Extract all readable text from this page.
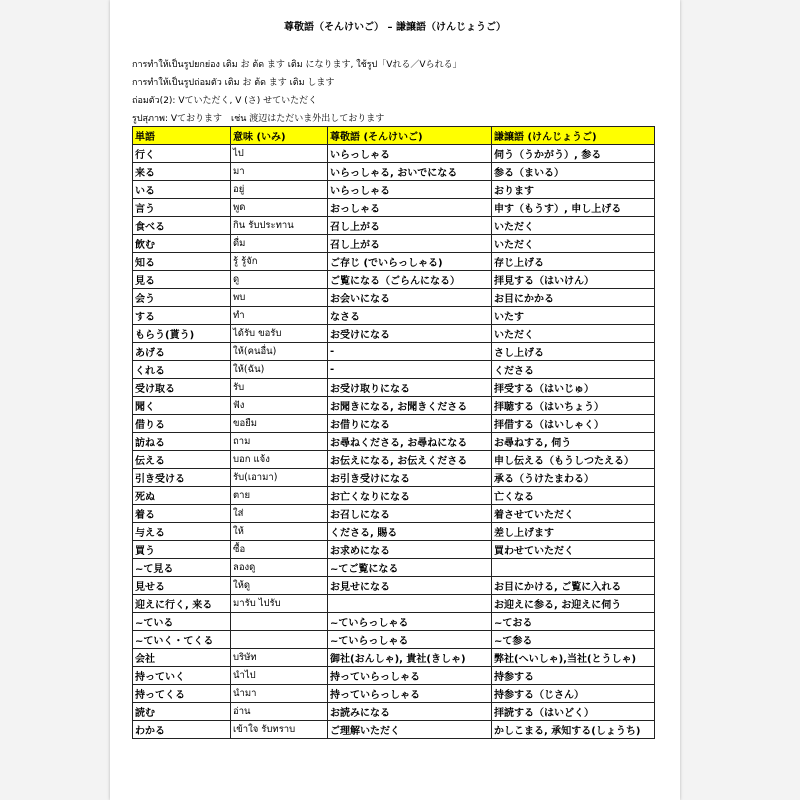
尊敬語（そんけいご） – 謙譲語（けんじょうご）
การทำให้เป็นรูปยกย่อง เติม お ต้ด ます เติม になります, ใช้รูป「Vれる／Vられる」
การทำให้เป็นรูปถ่อมตัว เติม お ต้ด ます เติม します
ถ่อมตัว(2): Vていただく, V (さ) せていただく
รูปสุภาพ: Vております　เช่น 渡辺はただいま外出しております
単語	意味 (いみ)	尊敬語 (そんけいご)	謙譲語 (けんじょうご)
行く	ไป	いらっしゃる	伺う（うかがう）, 参る
来る	มา	いらっしゃる, おいでになる	参る（まいる）
いる	อยู่	いらっしゃる	おります
言う	พูด	おっしゃる	申す（もうす）, 申し上げる
食べる	กิน รับประทาน	召し上がる	いただく
飲む	ดื่ม	召し上がる	いただく
知る	รู้ รู้จัก	ご存じ (でいらっしゃる)	存じ上げる
見る	ดู	ご覧になる（ごらんになる）	拝見する（はいけん）
会う	พบ	お会いになる	お目にかかる
する	ทำ	なさる	いたす
もらう(貰う)	ได้รับ ขอรับ	お受けになる	いただく
あげる	ให้(คนอื่น)	-	さし上げる
くれる	ให้(ฉัน)	-	くださる
受け取る	รับ	お受け取りになる	拝受する（はいじゅ）
聞く	ฟัง	お聞きになる, お聞きくださる	拝聴する（はいちょう）
借りる	ขอยืม	お借りになる	拝借する（はいしゃく）
訪ねる	ถาม	お尋ねくださる, お尋ねになる	お尋ねする, 伺う
伝える	บอก แจ้ง	お伝えになる, お伝えくださる	申し伝える（もうしつたえる）
引き受ける	รับ(เอามา)	お引き受けになる	承る（うけたまわる）
死ぬ	ตาย	お亡くなりになる	亡くなる
着る	ใส่	お召しになる	着させていただく
与える	ให้	くださる, 賜る	差し上げます
買う	ซื้อ	お求めになる	買わせていただく
~て見る	ลองดู	~てご覧になる	
見せる	ให้ดู	お見せになる	お目にかける, ご覧に入れる
迎えに行く, 来る	มารับ ไปรับ		お迎えに参る, お迎えに伺う
~ている		~ていらっしゃる	~ておる
~ていく・てくる		~ていらっしゃる	~て参る
会社	บริษัท	御社(おんしゃ), 貴社(きしゃ)	弊社(へいしゃ),当社(とうしゃ)
持っていく	นำไป	持っていらっしゃる	持参する
持ってくる	นำมา	持っていらっしゃる	持参する（じさん）
読む	อ่าน	お読みになる	拝読する（はいどく）
わかる	เข้าใจ รับทราบ	ご理解いただく	かしこまる, 承知する(しょうち)
